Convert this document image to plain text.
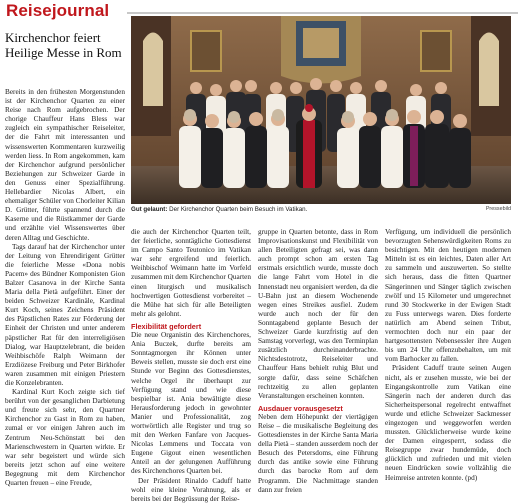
Reisejournal
Kirchenchor feiert
Heilige Messe in Rom
Gut gelaunt: Der Kirchenchor Quarten beim Besuch im Vatikan.	Pressebild

Bereits in den frühesten Morgenstunden ist der Kirchenchor Quarten zu einer Reise nach Rom aufgebrochen. Der chorige Chauffeur Hans Bless war zugleich ein sympathischer Reiseleiter, der die Fahrt mit interessanten und wissenswerten Kommentaren kurzweilig werden liess. In Rom angekommen, kam der Kirchenchor aufgrund persönlicher Beziehungen zur Schweizer Garde in den Genuss einer Spezialführung. Hellebardier Nicolas Albert, ein ehemaliger Schüler von Chorleiter Kilian D. Grütter, führte spannend durch die Kaserne und die Rüstkammer der Garde und erzählte viel Wissenswertes über deren Alltag und Geschichte.

Tags darauf hat der Kirchenchor unter der Leitung von Ehrendirigent Grütter die feierliche Messe «Dona nobis Pacem» des Bündner Komponisten Gion Balzer Casanova in der Kirche Santa Maria della Pietà aufgeführt. Einer der beiden Schweizer Kardinäle, Kardinal Kurt Koch, seines Zeichens Präsident des Päpstlichen Rates zur Förderung der Einheit der Christen und unter anderem päpstlicher Rat für den interreligiösen Dialog, war Hauptzelebrant, die beiden Weihbischöfe Ralph Weimann der Erzdiözese Freiburg und Peter Birkhofer waren zusammen mit einigen Priestern die Konzelebranten.

Kardinal Kurt Koch zeigte sich tief berührt von der gesanglichen Darbietung und freute sich sehr, den Quartner Kirchenchor zu Gast in Rom zu haben, zumal er vor einigen Jahren auch im Zentrum Neu-Schönstatt bei den Marienschwestern in Quarten wirkte. Er war sehr begeistert und würde sich bereits jetzt schon auf eine weitere Begegnung mit dem Kirchenchor Quarten freuen – eine Freude,

die auch der Kirchenchor Quarten teilt, der feierliche, sonntägliche Gottesdienst im Campo Santo Teutonico im Vatikan war sehr ergreifend und feierlich. Weihbischof Weimann hatte im Vorfeld zusammen mit dem Kirchenchor Quarten einen liturgisch und musikalisch hochwertigen Gottesdienst vorbereitet – die Mühe hat sich für alle Beteiligten mehr als gelohnt.

Flexibilität gefordert

Die neue Organistin des Kirchenchores, Ania Buczek, durfte bereits am Sonntagmorgen ihr Können unter Beweis stellen, musste sie doch erst eine Stunde vor Beginn des Gottesdienstes, welche Orgel ihr überhaupt zur Verfügung stand und wie diese bespielbar ist. Ania bewältigte diese Herausforderung jedoch in gewohnter Manier und Professionalität, zog wortwörtlich alle Register und trug so mit den Werken Fanfare von Jacques-Nicolas Lemmens und Toccata von Eugene Gigout einen wesentlichen Anteil an der gelungenen Aufführung des Kirchenchores Quarten bei.

Der Präsident Rinaldo Caduff hatte wohl eine kleine Vorahnung, als er bereits bei der Begrüssung der Reise-

gruppe in Quarten betonte, dass in Rom Improvisationskunst und Flexibilität von allen Beteiligten gefragt sei, was dann auch prompt schon am ersten Tag erstmals ersichtlich wurde, musste doch die lange Fahrt vom Hotel in die Innenstadt neu organisiert werden, da die U-Bahn just an diesem Wochenende wegen eines Streikes ausfiel. Zudem wurde auch noch der für den Sonntagabend geplante Besuch der Schweizer Garde kurzfristig auf den Samstag vorverlegt, was den Terminplan zusätzlich durcheinanderbrachte. Nichtsdestotrotz, Reiseleiter und Chauffeur Hans behielt ruhig Blut und sorgte dafür, dass seine Schäfchen rechtzeitig zu allen geplanten Veranstaltungen erscheinen konnten.

Ausdauer vorausgesetzt

Neben dem Höhepunkt der viertägigen Reise – die musikalische Begleitung des Gottesdienstes in der Kirche Santa Maria della Pietà – standen ausserdem noch der Besuch des Petersdoms, eine Führung durch das antike sowie eine Führung durch das barocke Rom auf dem Programm. Die Nachmittage standen dann zur freien

Verfügung, um individuell die persönlich bevorzugten Sehenswürdigkeiten Roms zu besichtigen. Mit den heutigen modernen Mitteln ist es ein leichtes, Daten aller Art zu sammeln und auszuwerten. So stellte sich heraus, dass die fitten Quartner Sängerinnen und Sänger täglich zwischen zwölf und 15 Kilometer und umgerechnet rund 30 Stockwerke in der Ewigen Stadt zu Fuss unterwegs waren. Dies forderte natürlich am Abend seinen Tribut, vermochten doch nur ein paar der hartgesottensten Nebensessler ihre Augen bis um 24 Uhr offenzubehalten, um mit vom Barhocker zu fallen.

Präsident Caduff traute seinen Augen nicht, als er zusehen musste, wie bei der Eingangskontrolle zum Vatikan eine Sängerin nach der anderen durch das Sicherheitspersonal regelrecht entwaffnet wurde und etliche Schweizer Sackmesser eingezogen und weggeworfen werden mussten. Glücklicherweise wurde keine der Damen eingesperrt, sodass die Reisegruppe zwar hundemüde, doch glücklich und zufrieden und mit vielen neuen Eindrücken sowie vollzählig die Heimreise antreten konnte. (pd)
